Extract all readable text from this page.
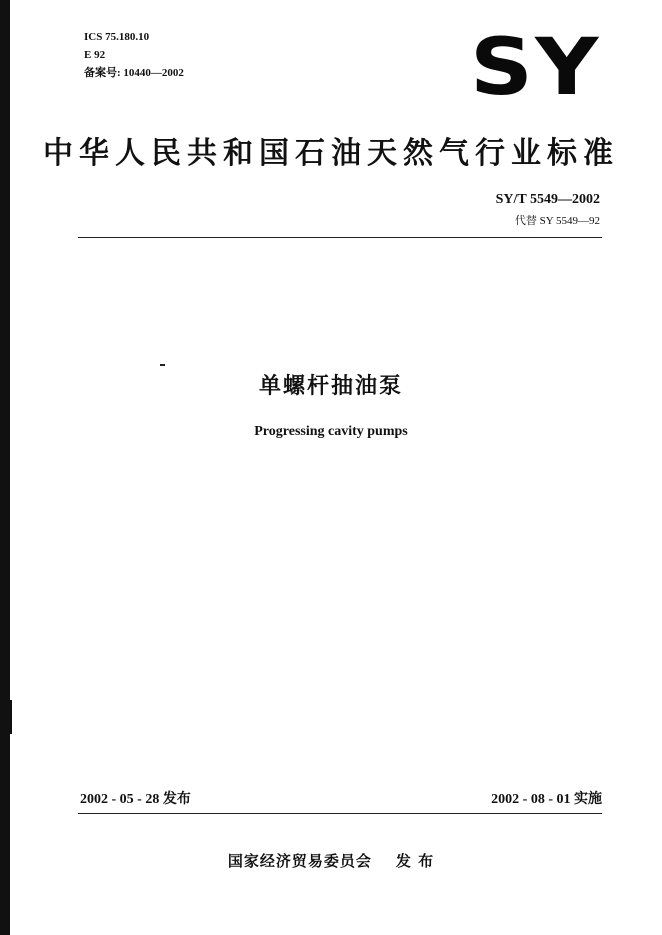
ICS 75.180.10
E 92
备案号: 10440—2002	SY
中华人民共和国石油天然气行业标准
SY/T 5549—2002
代替 SY 5549—92
单螺杆抽油泵
Progressing cavity pumps
2002 - 05 - 28 发布	2002 - 08 - 01 实施
国家经济贸易委员会 发 布
